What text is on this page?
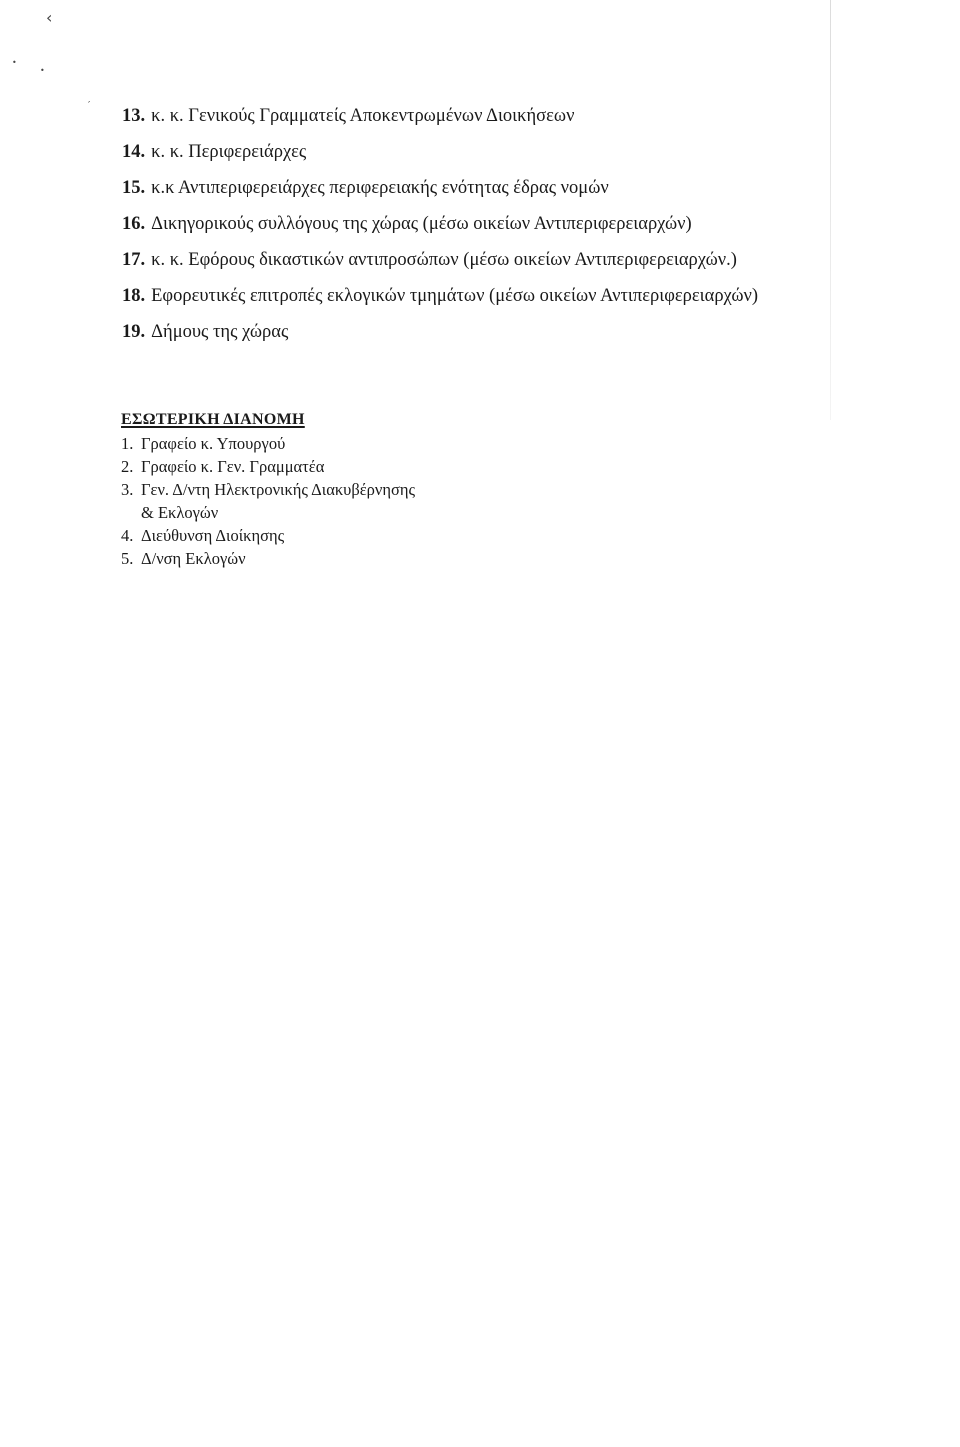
‹
•
•
′
13. κ. κ. Γενικούς Γραμματείς Αποκεντρωμένων Διοικήσεων
14. κ. κ. Περιφερειάρχες
15. κ.κ Αντιπεριφερειάρχες περιφερειακής ενότητας έδρας νομών
16. Δικηγορικούς συλλόγους της χώρας (μέσω οικείων Αντιπεριφερειαρχών)
17. κ. κ. Εφόρους δικαστικών αντιπροσώπων (μέσω οικείων Αντιπεριφερειαρχών.)
18. Εφορευτικές επιτροπές εκλογικών τμημάτων (μέσω οικείων Αντιπεριφερειαρχών)
19. Δήμους της χώρας
ΕΣΩΤΕΡΙΚΗ ΔΙΑΝΟΜΗ
1. Γραφείο κ. Υπουργού
2. Γραφείο κ. Γεν. Γραμματέα
3. Γεν. Δ/ντη Ηλεκτρονικής Διακυβέρνησης
& Εκλογών
4. Διεύθυνση Διοίκησης
5. Δ/νση Εκλογών
